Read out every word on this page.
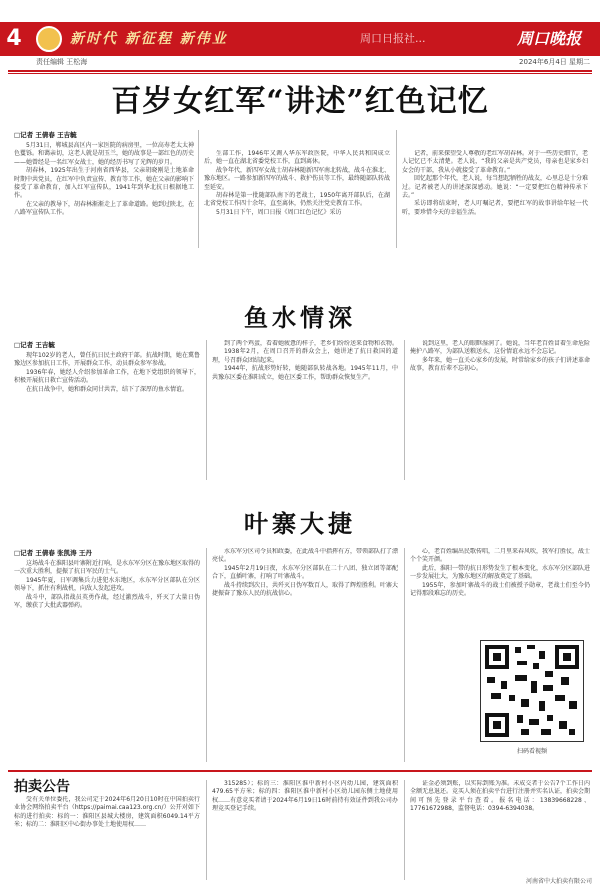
4	新时代 新征程 新伟业	周口日报社...	周口晚报
责任编辑 王松海	2024年6月4日 星期二
百岁女红军“讲述”红色记忆

□记者 王倩春 王吉毓

5月31日，郸城县高区内一家医院的病房里，一位高寿老太太神色矍铄。和蔼亲切，这老人就是胡玉兰，她的故事是一部红色的历史——她曾经是一名红军女战士，她的经历书写了光辉的岁月。

胡春林，1925年出生于河南省西华县，父亲胡晓刚是土地革命时期中共党员，在红军中负责宣传、教育等工作，她在父亲的影响下接受了革命教育，加入红军宣传队，1941年到华北抗日根据地工作。

在父亲的教导下，胡春林渐渐走上了革命道路。她到过陕北，在八路军宣传队工作。

生部工作，1946年又调入华东军政医院，中华人民共和国成立后，她一直在湖北省委党校工作，直到离休。

战争年代，新四军女战士胡春林随新四军南北转战，战斗在淮北、豫东地区。一路参加新四军的战斗、救护伤员等工作，最终随部队转战至延安。

胡春林是第一批随部队南下的老战士，1950年离开部队后，在湖北省党校工作四十余年，直至离休，仍然关注党史教育工作。

5月31日下午，周口日报《周口红色记忆》采访

记者，前来探望受人尊敬的老红军胡春林。对于一些历史细节，老人记忆已不太清楚。老人说，“我的父亲是共产党员，母亲也是家乡妇女会的干部，我从小就接受了革命教育。”

回忆起那个年代，老人说，每当想起牺牲的战友，心里总是十分难过。记者被老人的讲述深深感动。她说：“一定要把红色精神传承下去。”

采访即将结束时，老人叮嘱记者，要把红军的故事讲给年轻一代听，要珍惜今天的幸福生活。

鱼水情深

□记者 王吉毓

现年102岁的老人，曾任抗日民主政府干部。抗战时期，她在冀鲁豫边区参加抗日工作，开展群众工作，动员群众参军参战。

1936年春，她经人介绍参加革命工作，在地下党组织的领导下，积极开展抗日救亡宣传活动。

在抗日战争中，她和群众同甘共苦，结下了深厚的鱼水情谊。

到了两个鸡蛋，看着她疲惫的样子，老乡们纷纷送来食物和衣物。

1938年2月，在周口召开的群众会上，她讲述了抗日救国的道理，号召群众团结起来。

1944年，抗战形势好转，她随部队转战各地。1945年11月，中共豫东区委在淮阳成立，她在区委工作，帮助群众恢复生产。

说到这里，老人的眼眶湿润了。她说，当年老百姓冒着生命危险掩护八路军，为部队送粮送水，这份情谊永远不会忘记。

多年来，她一直关心家乡的发展，时常给家乡的孩子们讲述革命故事，教育后辈不忘初心。

叶寨大捷

□记者 王倩春 张凯涛 王丹

这场战斗在淮阳县叶寨附近打响，是水东军分区在豫东地区取得的一次重大胜利，提振了抗日军民的士气。

1945年夏，日军调集兵力进犯水东地区，水东军分区部队在分区领导下，抓住有利战机，向敌人发起进攻。

战斗中，部队指战员英勇作战，经过激烈战斗，歼灭了大量日伪军，缴获了大批武器弹药。

水东军分区司令员和政委，在此战斗中指挥有方，带领部队打了漂亮仗。

1945年2月19日夜，水东军分区部队在二十八团、独立团等部配合下，直插叶寨，打响了叶寨战斗。

战斗持续到次日，共歼灭日伪军数百人，取得了辉煌胜利。叶寨大捷振奋了豫东人民的抗战信心。

心，老百姓编出民歌传唱，二月里来春风吹，我军打胜仗，战士个个笑开颜。

此后，淮阳一带的抗日形势发生了根本变化，水东军分区部队进一步发展壮大，为豫东地区的解放奠定了基础。

1955年，参加叶寨战斗的战士们被授予勋章，老战士们至今仍记得那段难忘的历史。

扫码看视频
拍卖公告

受有关单位委托，我公司定于2024年6月20日10时在中国拍卖行业协会网络拍卖平台（https://paimai.caa123.org.cn/）公开对如下标的进行拍卖：标的一：淮阳区县城大楼房，建筑面积6049.14平方米；标的二：淮阳区中心街办事处土地使用权……

315285）；标的三：淮阳区淮中新村小区内幼儿园，建筑面积479.65平方米；标的四：淮阳区淮中新村小区幼儿园东侧土地使用权……有意竞买者请于2024年6月19日16时前持有效证件到我公司办理竞买登记手续。

证金必须到账，以实际到账为准。未成交者于公告7个工作日内全额无息退还。竞买人须在拍卖平台进行注册并实名认证，拍卖会期间可预先登录平台查看。报名电话：13839668228、17761672988，监督电话：0394-6394038。

河南省中大拍卖有限公司
